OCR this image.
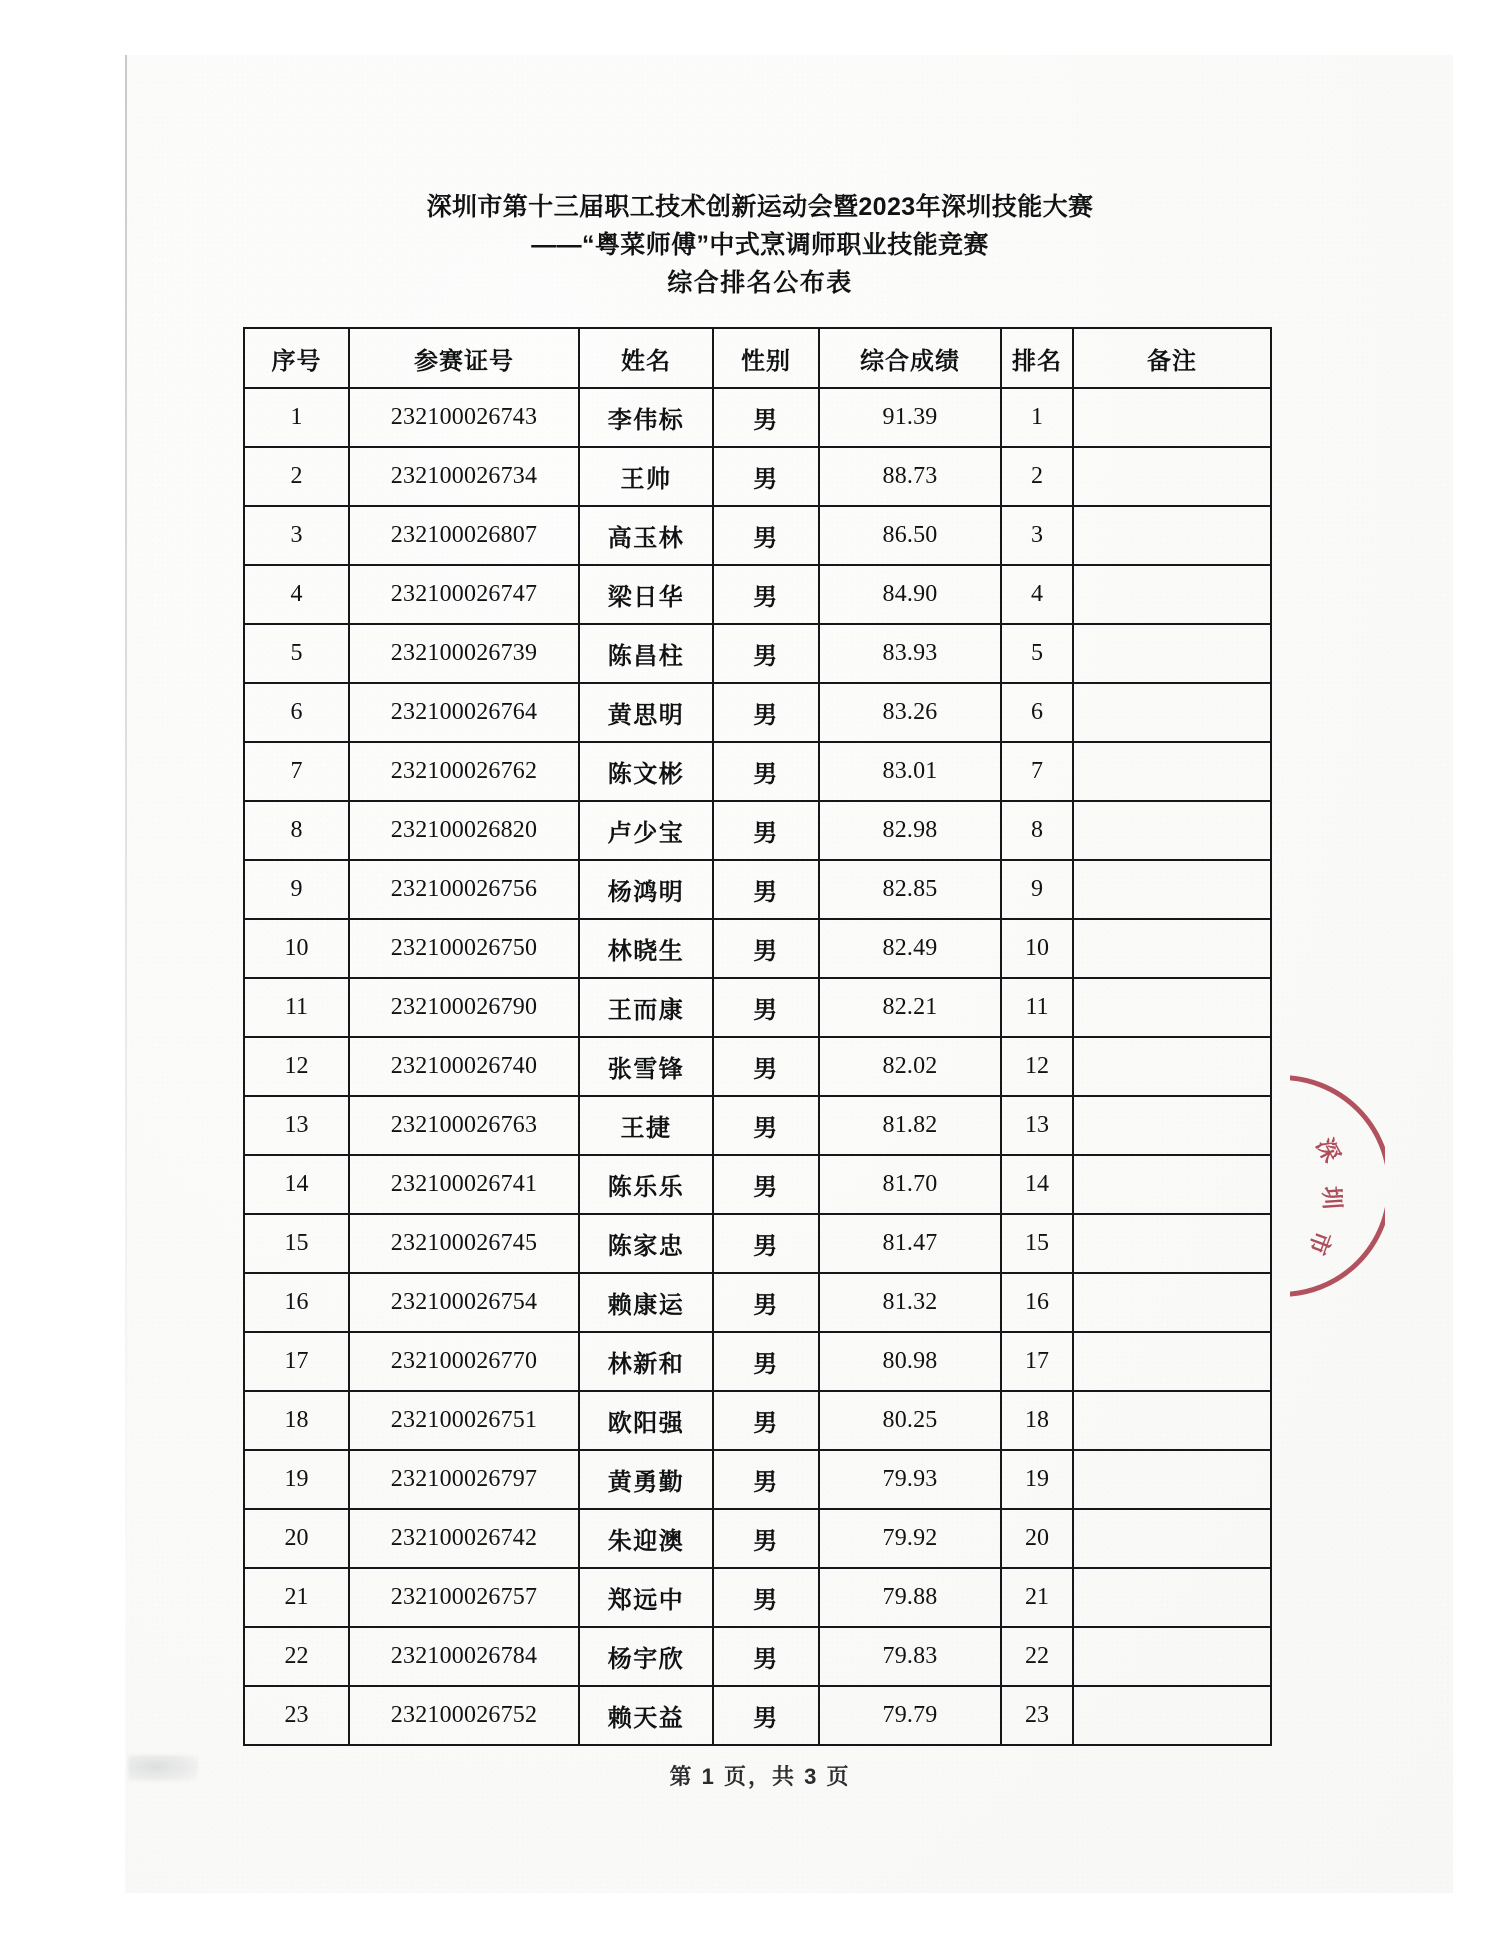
深圳市第十三届职工技术创新运动会暨2023年深圳技能大赛
——“粤菜师傅”中式烹调师职业技能竞赛
综合排名公布表
序号	参赛证号	姓名	性别	综合成绩	排名	备注
1	232100026743	李伟标	男	91.39	1	
2	232100026734	王帅	男	88.73	2	
3	232100026807	高玉林	男	86.50	3	
4	232100026747	梁日华	男	84.90	4	
5	232100026739	陈昌柱	男	83.93	5	
6	232100026764	黄思明	男	83.26	6	
7	232100026762	陈文彬	男	83.01	7	
8	232100026820	卢少宝	男	82.98	8	
9	232100026756	杨鸿明	男	82.85	9	
10	232100026750	林晓生	男	82.49	10	
11	232100026790	王而康	男	82.21	11	
12	232100026740	张雪锋	男	82.02	12	
13	232100026763	王捷	男	81.82	13	
14	232100026741	陈乐乐	男	81.70	14	
15	232100026745	陈家忠	男	81.47	15	
16	232100026754	赖康运	男	81.32	16	
17	232100026770	林新和	男	80.98	17	
18	232100026751	欧阳强	男	80.25	18	
19	232100026797	黄勇勤	男	79.93	19	
20	232100026742	朱迎澳	男	79.92	20	
21	232100026757	郑远中	男	79.88	21	
22	232100026784	杨宇欣	男	79.83	22	
23	232100026752	赖天益	男	79.79	23	
第 1 页，共 3 页
深
圳
市
